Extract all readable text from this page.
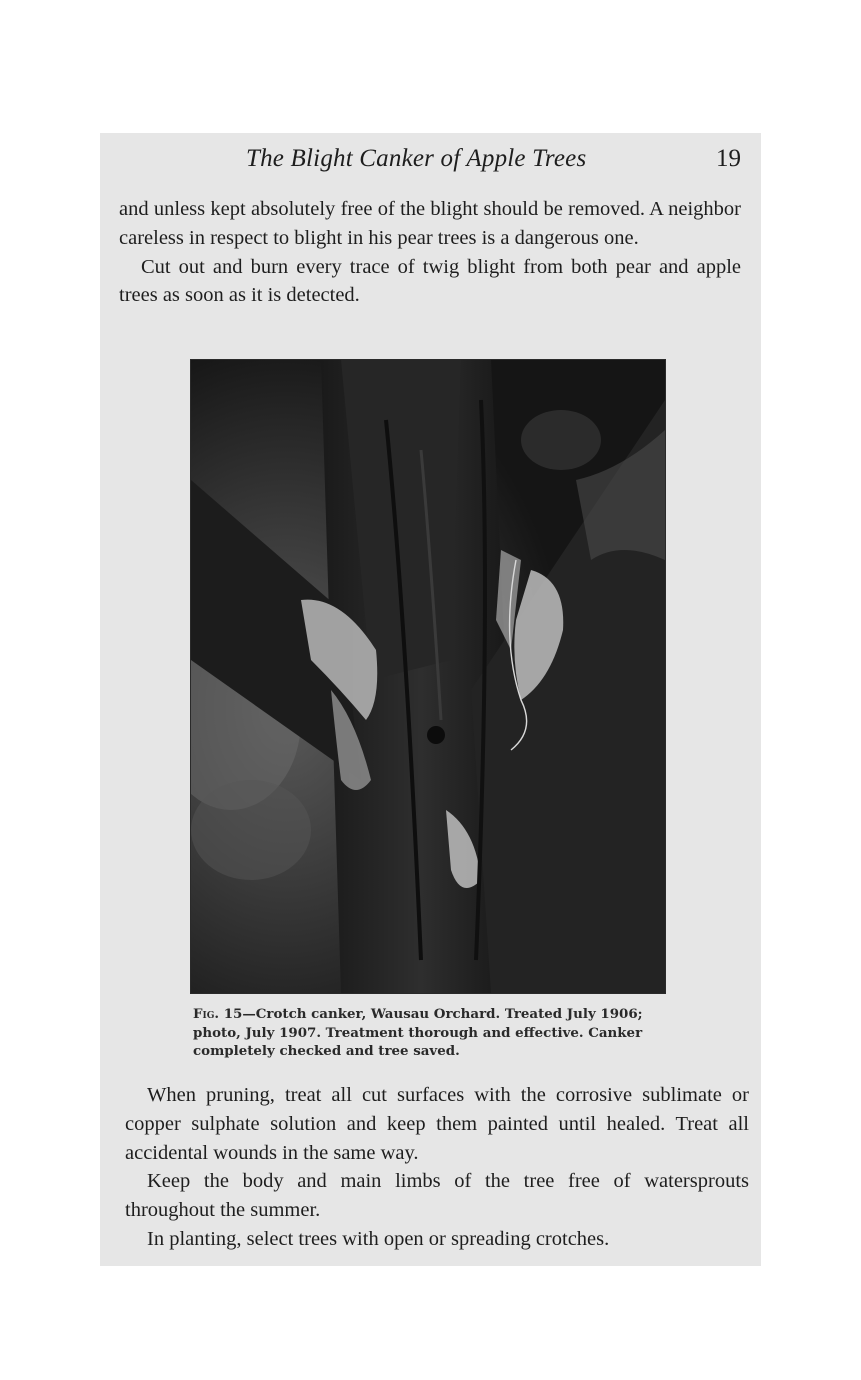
The Blight Canker of Apple Trees	19

and unless kept absolutely free of the blight should be removed. A neighbor careless in respect to blight in his pear trees is a dangerous one.

Cut out and burn every trace of twig blight from both pear and apple trees as soon as it is detected.

Fig. 15—Crotch canker, Wausau Orchard. Treated July 1906; photo, July 1907. Treatment thorough and effective. Canker completely checked and tree saved.

When pruning, treat all cut surfaces with the corrosive sublimate or copper sulphate solution and keep them painted until healed. Treat all accidental wounds in the same way.

Keep the body and main limbs of the tree free of watersprouts throughout the summer.

In planting, select trees with open or spreading crotches.
